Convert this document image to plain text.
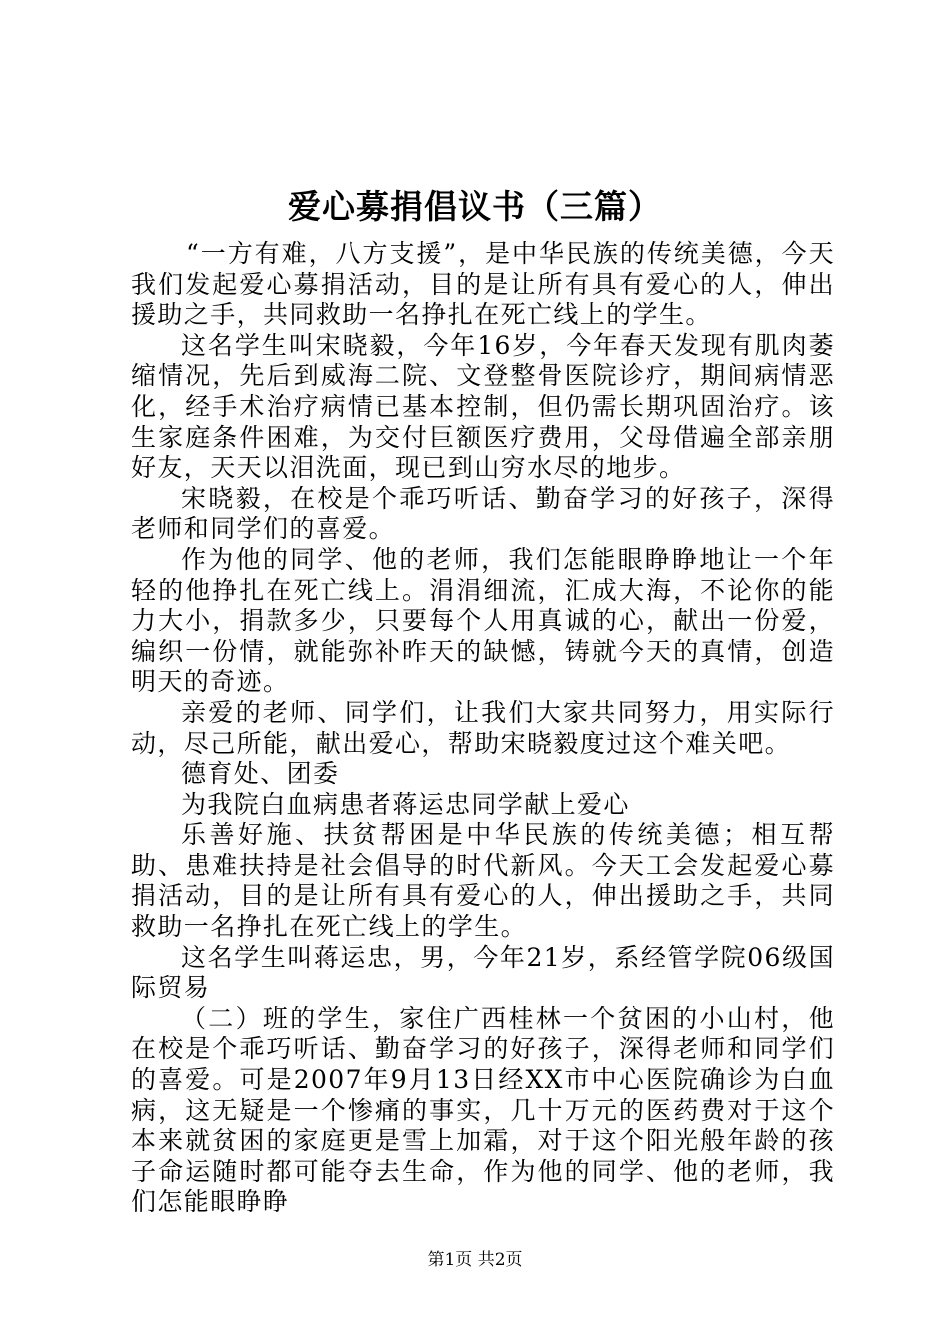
爱心募捐倡议书（三篇）

“一方有难，八方支援”，是中华民族的传统美德，今天我们发起爱心募捐活动，目的是让所有具有爱心的人，伸出援助之手，共同救助一名挣扎在死亡线上的学生。

这名学生叫宋晓毅，今年16岁，今年春天发现有肌肉萎缩情况，先后到威海二院、文登整骨医院诊疗，期间病情恶化，经手术治疗病情已基本控制，但仍需长期巩固治疗。该生家庭条件困难，为交付巨额医疗费用，父母借遍全部亲朋好友，天天以泪洗面，现已到山穷水尽的地步。

宋晓毅，在校是个乖巧听话、勤奋学习的好孩子，深得老师和同学们的喜爱。

作为他的同学、他的老师，我们怎能眼睁睁地让一个年轻的他挣扎在死亡线上。涓涓细流，汇成大海，不论你的能力大小，捐款多少，只要每个人用真诚的心，献出一份爱，编织一份情，就能弥补昨天的缺憾，铸就今天的真情，创造明天的奇迹。

亲爱的老师、同学们，让我们大家共同努力，用实际行动，尽己所能，献出爱心，帮助宋晓毅度过这个难关吧。

德育处、团委

为我院白血病患者蒋运忠同学献上爱心

乐善好施、扶贫帮困是中华民族的传统美德；相互帮助、患难扶持是社会倡导的时代新风。今天工会发起爱心募捐活动，目的是让所有具有爱心的人，伸出援助之手，共同救助一名挣扎在死亡线上的学生。

这名学生叫蒋运忠，男，今年21岁，系经管学院06级国际贸易

（二）班的学生，家住广西桂林一个贫困的小山村，他在校是个乖巧听话、勤奋学习的好孩子，深得老师和同学们的喜爱。可是2007年9月13日经XX市中心医院确诊为白血病，这无疑是一个惨痛的事实，几十万元的医药费对于这个本来就贫困的家庭更是雪上加霜，对于这个阳光般年龄的孩子命运随时都可能夺去生命，作为他的同学、他的老师，我们怎能眼睁睁

第1页 共2页
